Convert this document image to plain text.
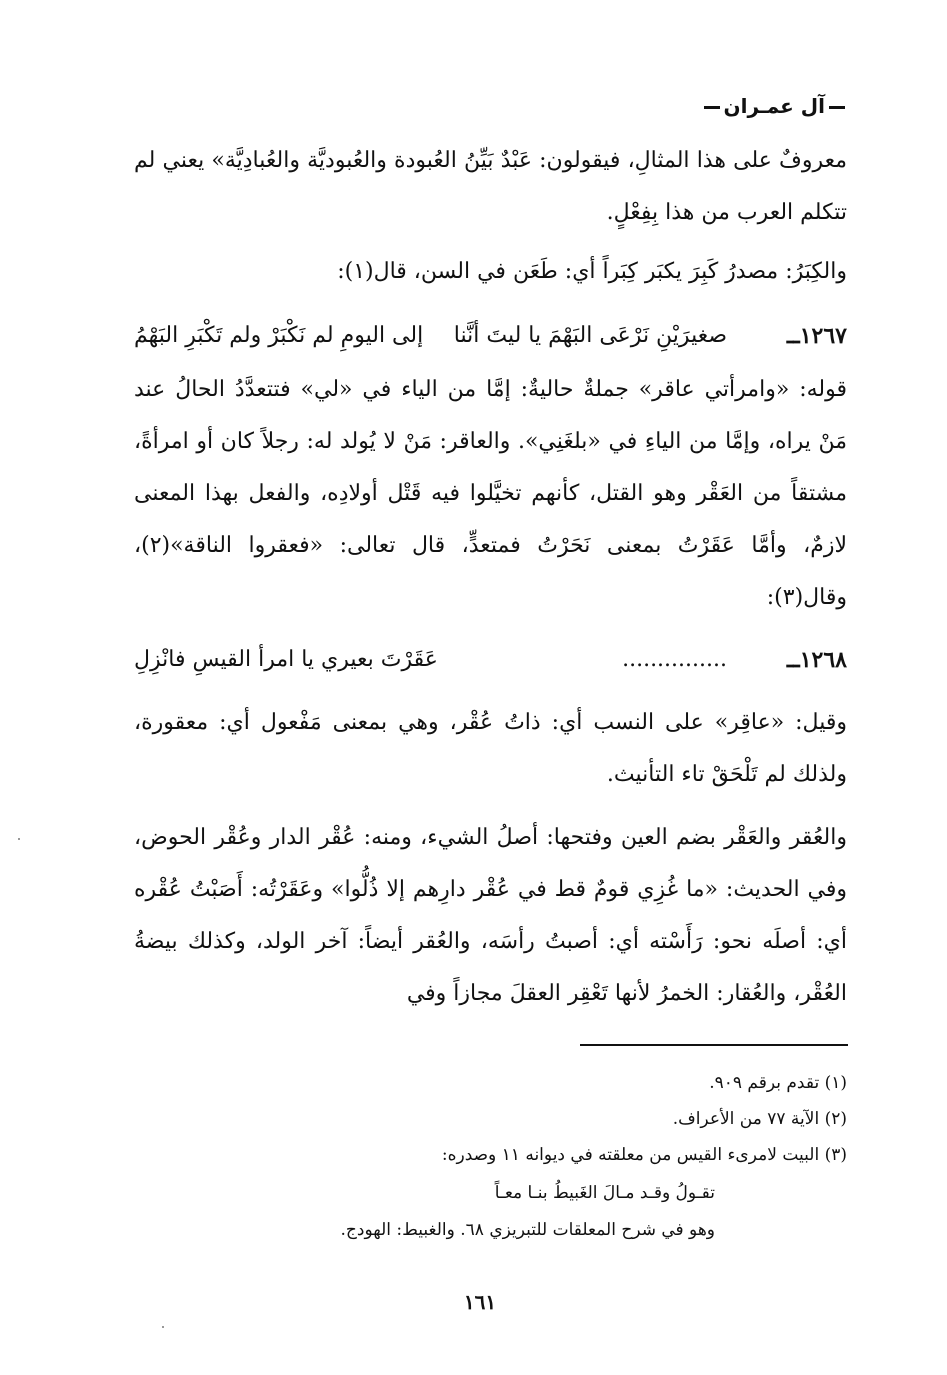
آل عمـران
معروفٌ على هذا المثالِ، فيقولون: عَبْدٌ بَيِّنُ العُبودة والعُبوديَّة والعُبادِيَّة» يعني لم تتكلم العرب من هذا بِفِعْلٍ.
والكِبَرُ: مصدرُ كَبِرَ يكبَر كِبَراً أي: طَعَن في السن، قال(١):
١٢٦٧ــ
صغيرَيْنِ نَرْعَى البَهْمَ يا ليتَ أنَّنا
إلى اليومِ لم نَكْبَرْ ولم تَكْبَرِ البَهْمُ
قوله: «وامرأتي عاقر» جملةٌ حاليةٌ: إمَّا من الياء في «لي» فتتعدَّدُ الحالُ عند مَنْ يراه، وإمَّا من الياءِ في «بلغَنِي». والعاقر: مَنْ لا يُولد له: رجلاً كان أو امرأةً، مشتقاً من العَقْر وهو القتل، كأنهم تخيَّلوا فيه قَتْل أولادِه، والفعل بهذا المعنى لازمٌ، وأمَّا عَقَرْتُ بمعنى نَحَرْتُ فمتعدٍّ، قال تعالى: «فعقروا الناقة»(٢)، وقال(٣):
١٢٦٨ــ
...............
عَقَرْتَ بعيري يا امرأ القيسِ فانْزِلِ
وقيل: «عاقِر» على النسب أي: ذاتُ عُقْر، وهي بمعنى مَفْعول أي: معقورة، ولذلك لم تَلْحَقْ تاء التأنيث.
والعُقر والعَقْر بضم العين وفتحها: أصلُ الشيء، ومنه: عُقْر الدار وعُقْر الحوض، وفي الحديث: «ما غُزِي قومٌ قط في عُقْر دارِهم إلا ذُلُّوا» وعَقَرْتُه: أَصَبْتُ عُقْره أي: أصلَه نحو: رَأَسْته أي: أصبتُ رأسَه، والعُقر أيضاً: آخر الولد، وكذلك بيضةُ العُقْر، والعُقار: الخمرُ لأنها تَعْقِر العقلَ مجازاً وفي
(١) تقدم برقم ٩٠٩.
(٢) الآية ٧٧ من الأعراف.
(٣) البيت لامرىء القيس من معلقته في ديوانه ١١ وصدره:
تقـولُ وقـد مـالَ الغَبيطُ بنـا معـاً
وهو في شرح المعلقات للتبريزي ٦٨. والغبيط: الهودج.
١٦١
